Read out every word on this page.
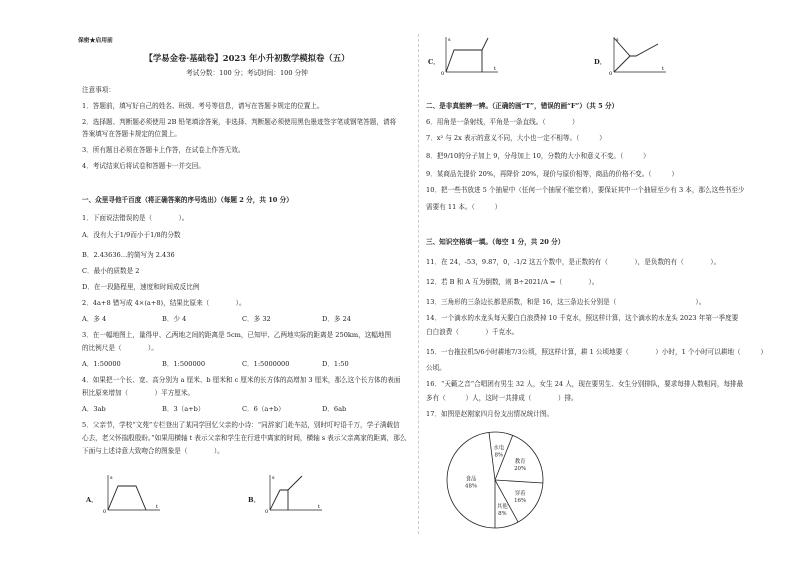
保密★启用前
【学易金卷·基础卷】2023 年小升初数学模拟卷（五）
考试分数：100 分；考试时间：100 分钟
注意事项：
1．答题前，填写好自己的姓名、班级、考号等信息，请写在答题卡规定的位置上。
2．选择题、判断题必须使用 2B 铅笔填涂答案，非选择、判断题必须使用黑色墨迹签字笔或钢笔答题，请将
答案填写在答题卡规定的位置上。
3．所有题目必须在答题卡上作答，在试卷上作答无效。
4．考试结束后将试卷和答题卡一并交回。
一、众里寻他千百度（将正确答案的序号选出）（每题 2 分，共 10 分）
1．下面说法错误的是（　　　　）。
A．没有大于1/9而小于1/8的分数
B．2.43636…的简写为 2.4̇3̇6̇
C．最小的质数是 2
D．在一段路程里，速度和时间成反比例
2．4a+8 错写成 4×(a+8)，结果比原来（　　　　）。
A．多 4	B．少 4	C．多 32	D．多 24
3．在一幅地图上，量得甲、乙两地之间的距离是 5cm，已知甲、乙两地实际的距离是 250km，这幅地图
的比例尺是（　　　　）。
A．1:50000	B．1:500000	C．1:5000000	D．1:50
4．如果把一个长、宽、高分别为 a 厘米、b 厘米和 c 厘米的长方体的高增加 3 厘米，那么这个长方体的表面
积比原来增加（　　　　）平方厘米。
A．3ab	B．3（a+b）	C．6（a+b）	D．6ab
5．父亲节，学校“文苑”专栏登出了某同学回忆父亲的小诗：“同辞家门赴车站，别时叮咛语千万，学子满载信
心去，老父怀揣殷殷盼。”如果用横轴 t 表示父亲和学生在行进中离家的时间，横轴 s 表示父亲离家的距离，那么
下面与上述诗意大致吻合的图象是（　　　　）。
A．
s
t
0
B．
s
t
0
C．
s
t
0
D．
s
t
0
二、是非真能辨一辨。（正确的画“T”，错误的画“F”）（共 5 分）
6．用角是一条射线，平角是一条直线。（　　　　）
7．x² 与 2x 表示的意义不同，大小也一定不相等。（　　　）
8．把9/10的分子加上 9，分母加上 10，分数的大小和意义不变。（　　　）
9．某商品先提价 20%，再降价 20%，现价与原价相等，商品的价格不变。（　　　）
10．把一些书放进 5 个抽屉中（任何一个抽屉不能空着），要保证其中一个抽屉至少有 3 本，那么这些书至少
需要有 11 本。（　　　）
三、知识空格填一填。（每空 1 分，共 20 分）
11．在 24，-53，9.87，0，-1/2 这五个数中，是正数的有（　　　　），是负数的有（　　　　）。
12．若 B 和 A 互为倒数，则 B÷2021/A =（　　　　）。
13．三角形的三条边长都是质数，和是 16，这三条边长分别是（　　　　　　　　　　　　）。
14．一个滴水的水龙头每天要白白浪费掉 10 千克水，照这样计算，这个滴水的水龙头 2023 年第一季度要
白白浪费（　　　　）千克水。
15．一台拖拉机5/6小时耕地7/3公顷，照这样计算，耕 1 公顷地要（　　　　）小时，1 个小时可以耕地（　　　）
公顷。
16．“天籁之音”合唱团有男生 32 人，女生 24 人，现在要男生、女生分别排队，要求每排人数相同，每排最
多有（　　　）人，这时一共排成（　　　　）排。
17．如图是赵刚家四月份支出情况统计图。
食品
48%
水电
8%
教育
20%
穿着
16%
其他
8%
